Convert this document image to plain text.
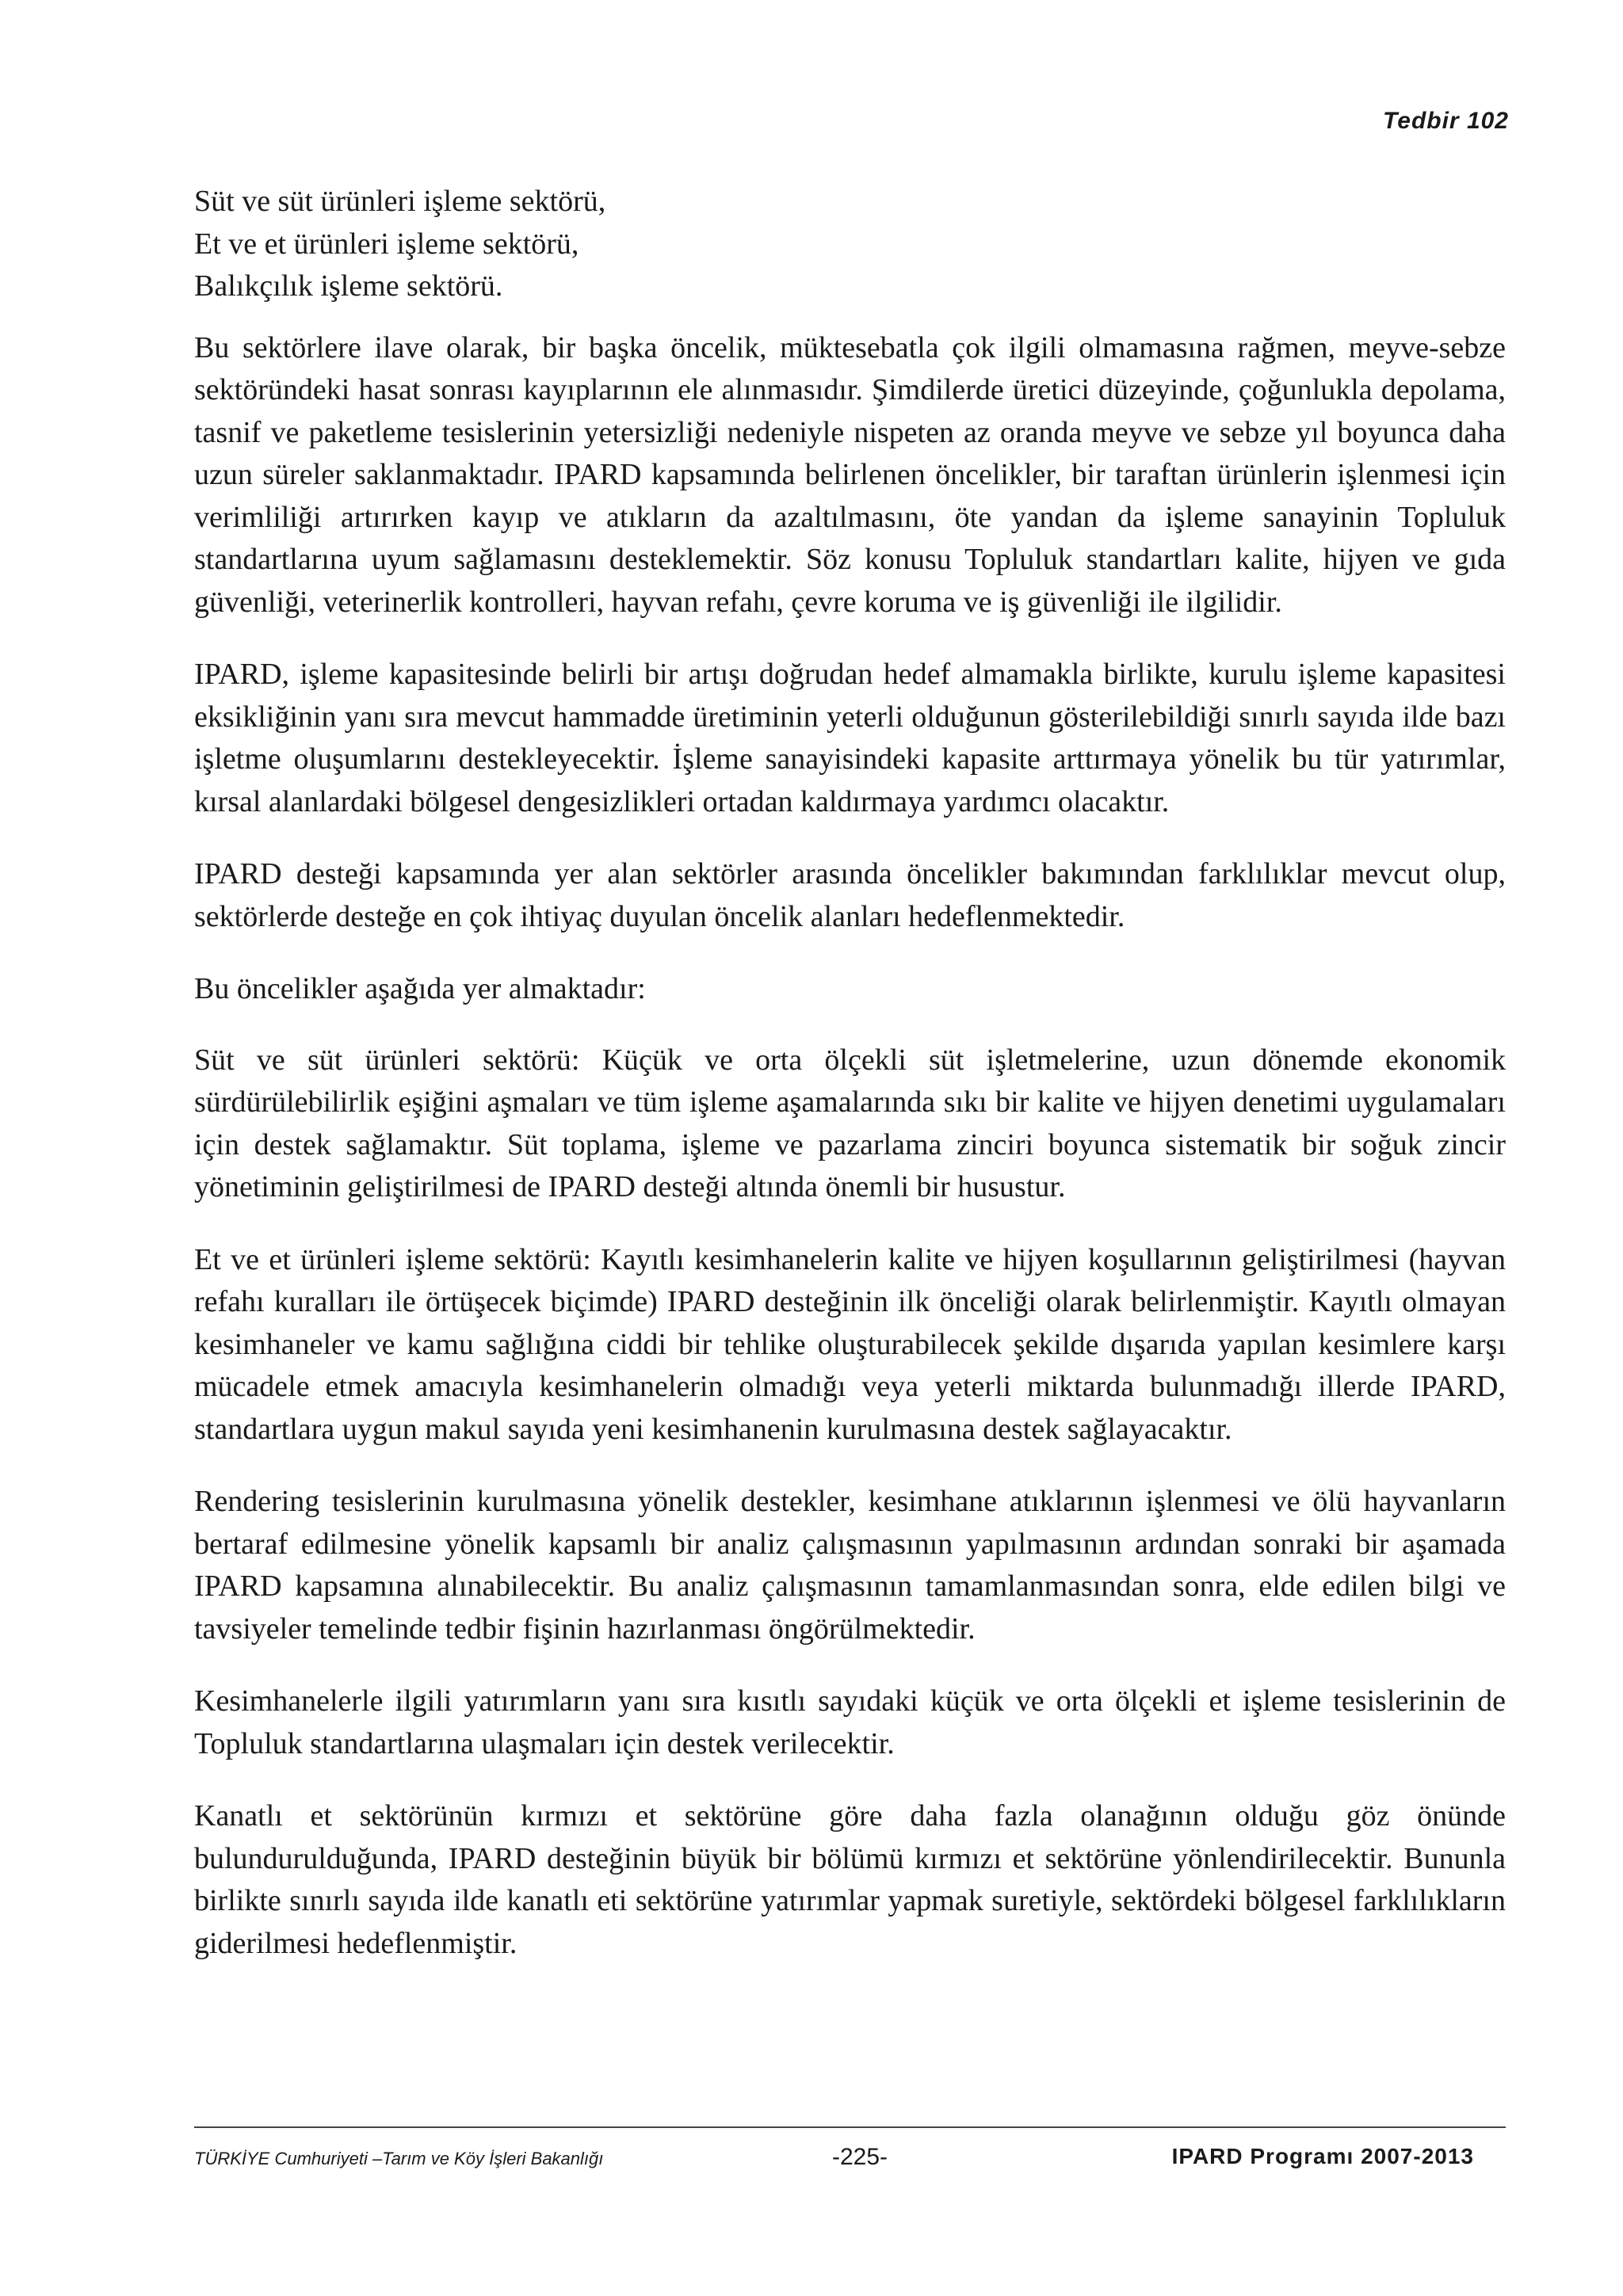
Tedbir 102
Süt ve süt ürünleri işleme sektörü,
Et ve et ürünleri işleme sektörü,
Balıkçılık işleme sektörü.

Bu sektörlere ilave olarak, bir başka öncelik, müktesebatla çok ilgili olmamasına rağmen, meyve-sebze sektöründeki hasat sonrası kayıplarının ele alınmasıdır. Şimdilerde üretici düzeyinde, çoğunlukla depolama, tasnif ve paketleme tesislerinin yetersizliği nedeniyle nispeten az oranda meyve ve sebze yıl boyunca daha uzun süreler saklanmaktadır. IPARD kapsamında belirlenen öncelikler, bir taraftan ürünlerin işlenmesi için verimliliği artırırken kayıp ve atıkların da azaltılmasını, öte yandan da işleme sanayinin Topluluk standartlarına uyum sağlamasını desteklemektir. Söz konusu Topluluk standartları kalite, hijyen ve gıda güvenliği, veterinerlik kontrolleri, hayvan refahı, çevre koruma ve iş güvenliği ile ilgilidir.

IPARD, işleme kapasitesinde belirli bir artışı doğrudan hedef almamakla birlikte, kurulu işleme kapasitesi eksikliğinin yanı sıra mevcut hammadde üretiminin yeterli olduğunun gösterilebildiği sınırlı sayıda ilde bazı işletme oluşumlarını destekleyecektir. İşleme sanayisindeki kapasite arttırmaya yönelik bu tür yatırımlar, kırsal alanlardaki bölgesel dengesizlikleri ortadan kaldırmaya yardımcı olacaktır.

IPARD desteği kapsamında yer alan sektörler arasında öncelikler bakımından farklılıklar mevcut olup, sektörlerde desteğe en çok ihtiyaç duyulan öncelik alanları hedeflenmektedir.

Bu öncelikler aşağıda yer almaktadır:

Süt ve süt ürünleri sektörü: Küçük ve orta ölçekli süt işletmelerine, uzun dönemde ekonomik sürdürülebilirlik eşiğini aşmaları ve tüm işleme aşamalarında sıkı bir kalite ve hijyen denetimi uygulamaları için destek sağlamaktır. Süt toplama, işleme ve pazarlama zinciri boyunca sistematik bir soğuk zincir yönetiminin geliştirilmesi de IPARD desteği altında önemli bir husustur.

Et ve et ürünleri işleme sektörü: Kayıtlı kesimhanelerin kalite ve hijyen koşullarının geliştirilmesi (hayvan refahı kuralları ile örtüşecek biçimde) IPARD desteğinin ilk önceliği olarak belirlenmiştir. Kayıtlı olmayan kesimhaneler ve kamu sağlığına ciddi bir tehlike oluşturabilecek şekilde dışarıda yapılan kesimlere karşı mücadele etmek amacıyla kesimhanelerin olmadığı veya yeterli miktarda bulunmadığı illerde IPARD, standartlara uygun makul sayıda yeni kesimhanenin kurulmasına destek sağlayacaktır.

Rendering tesislerinin kurulmasına yönelik destekler, kesimhane atıklarının işlenmesi ve ölü hayvanların bertaraf edilmesine yönelik kapsamlı bir analiz çalışmasının yapılmasının ardından sonraki bir aşamada IPARD kapsamına alınabilecektir. Bu analiz çalışmasının tamamlanmasından sonra, elde edilen bilgi ve tavsiyeler temelinde tedbir fişinin hazırlanması öngörülmektedir.

Kesimhanelerle ilgili yatırımların yanı sıra kısıtlı sayıdaki küçük ve orta ölçekli et işleme tesislerinin de Topluluk standartlarına ulaşmaları için destek verilecektir.

Kanatlı et sektörünün kırmızı et sektörüne göre daha fazla olanağının olduğu göz önünde bulundurulduğunda, IPARD desteğinin büyük bir bölümü kırmızı et sektörüne yönlendirilecektir. Bununla birlikte sınırlı sayıda ilde kanatlı eti sektörüne yatırımlar yapmak suretiyle, sektördeki bölgesel farklılıkların giderilmesi hedeflenmiştir.

TÜRKİYE Cumhuriyeti –Tarım ve Köy İşleri Bakanlığı	-225-	IPARD Programı 2007-2013
